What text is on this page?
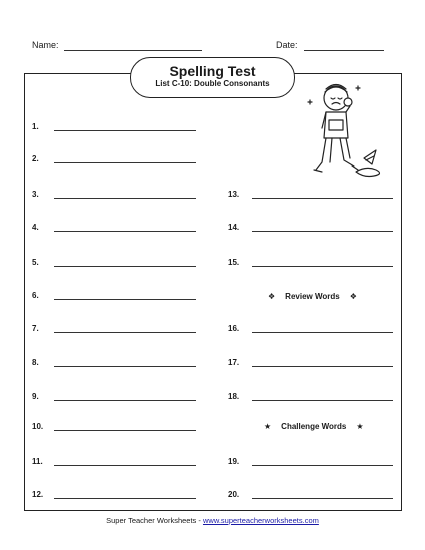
Name:	Date:
Spelling Test
List C-10: Double Consonants
1.
2.
3.
4.
5.
6.
7.
8.
9.
10.
11.
12.
13.
14.
15.
16.
17.
18.
19.
20.
❖ Review Words ❖
★ Challenge Words ★
Super Teacher Worksheets - www.superteacherworksheets.com
